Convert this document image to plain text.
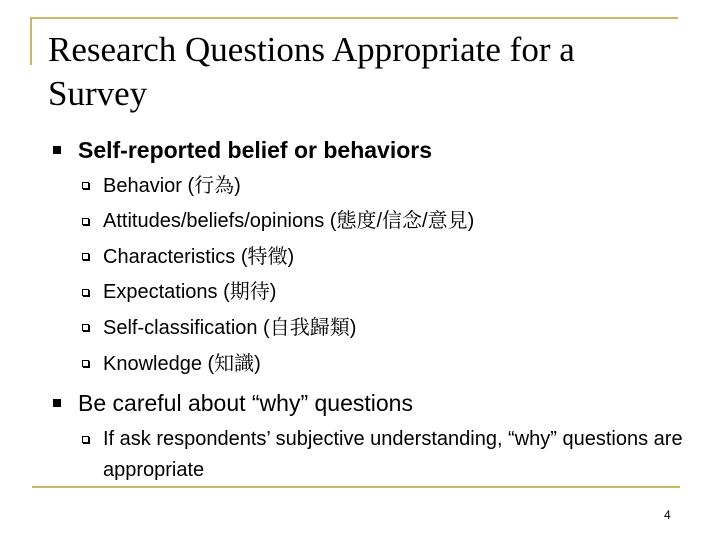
Research Questions Appropriate for a Survey
Self-reported belief or behaviors
Behavior (行為)
Attitudes/beliefs/opinions (態度/信念/意見)
Characteristics (特徵)
Expectations (期待)
Self-classification (自我歸類)
Knowledge (知識)
Be careful about “why” questions
If ask respondents’ subjective understanding, “why” questions are appropriate
4
